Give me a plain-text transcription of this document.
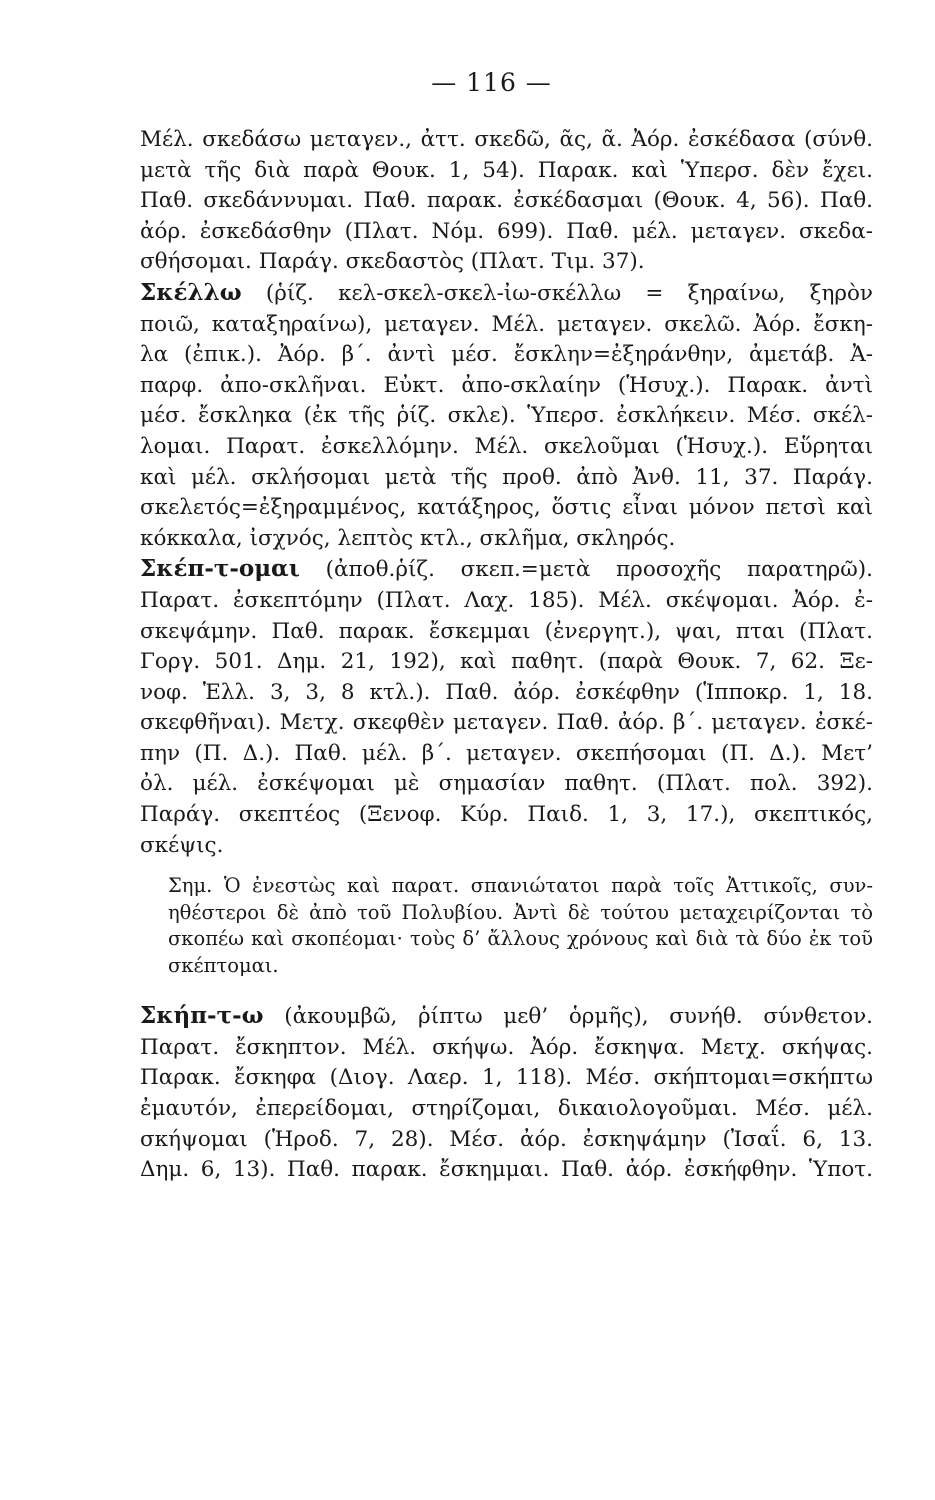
— 116 —

Μέλ. σκεδάσω μεταγεν., ἀττ. σκεδῶ, ᾶς, ᾶ. Ἀόρ. ἐσκέδασα (σύνθ.
μετὰ τῆς διὰ παρὰ Θουκ. 1, 54). Παρακ. καὶ Ὑπερσ. δὲν ἔχει.
Παθ. σκεδάννυμαι. Παθ. παρακ. ἐσκέδασμαι (Θουκ. 4, 56). Παθ.
ἀόρ. ἐσκεδάσθην (Πλατ. Νόμ. 699). Παθ. μέλ. μεταγεν. σκεδα-
σθήσομαι. Παράγ. σκεδαστὸς (Πλατ. Τιμ. 37).

Σκέλλω (ῥίζ. κελ-σκελ-σκελ-ἰω-σκέλλω = ξηραίνω, ξηρὸν
ποιῶ, καταξηραίνω), μεταγεν. Μέλ. μεταγεν. σκελῶ. Ἀόρ. ἔσκη-
λα (ἐπικ.). Ἀόρ. β΄. ἀντὶ μέσ. ἔσκλην=ἐξηράνθην, ἀμετάβ. Ἀ-
παρφ. ἀπο-σκλῆναι. Εὐκτ. ἀπο-σκλαίην (Ἡσυχ.). Παρακ. ἀντὶ
μέσ. ἔσκληκα (ἐκ τῆς ῥίζ. σκλε). Ὑπερσ. ἐσκλήκειν. Μέσ. σκέλ-
λομαι. Παρατ. ἐσκελλόμην. Μέλ. σκελοῦμαι (Ἡσυχ.). Εὕρηται
καὶ μέλ. σκλήσομαι μετὰ τῆς προθ. ἀπὸ Ἀνθ. 11, 37. Παράγ.
σκελετός=ἐξηραμμένος, κατάξηρος, ὅστις εἶναι μόνον πετσὶ καὶ
κόκκαλα, ἰσχνός, λεπτὸς κτλ., σκλῆμα, σκληρός.

Σκέπ-τ-ομαι (ἀποθ.ῥίζ. σκεπ.=μετὰ προσοχῆς παρατηρῶ).
Παρατ. ἐσκεπτόμην (Πλατ. Λαχ. 185). Μέλ. σκέψομαι. Ἀόρ. ἐ-
σκεψάμην. Παθ. παρακ. ἔσκεμμαι (ἐνεργητ.), ψαι, πται (Πλατ.
Γοργ. 501. Δημ. 21, 192), καὶ παθητ. (παρὰ Θουκ. 7, 62. Ξε-
νοφ. Ἑλλ. 3, 3, 8 κτλ.). Παθ. ἀόρ. ἐσκέφθην (Ἱπποκρ. 1, 18.
σκεφθῆναι). Μετχ. σκεφθὲν μεταγεν. Παθ. ἀόρ. β΄. μεταγεν. ἐσκέ-
πην (Π. Δ.). Παθ. μέλ. β΄. μεταγεν. σκεπήσομαι (Π. Δ.). Μετ’
ὀλ. μέλ. ἐσκέψομαι μὲ σημασίαν παθητ. (Πλατ. πολ. 392).
Παράγ. σκεπτέος (Ξενοφ. Κύρ. Παιδ. 1, 3, 17.), σκεπτικός,
σκέψις.

Σημ. Ὁ ἐνεστὼς καὶ παρατ. σπανιώτατοι παρὰ τοῖς Ἀττικοῖς, συν-
ηθέστεροι δὲ ἀπὸ τοῦ Πολυβίου. Ἀντὶ δὲ τούτου μεταχειρίζονται τὸ
σκοπέω καὶ σκοπέομαι· τοὺς δ’ ἄλλους χρόνους καὶ διὰ τὰ δύο ἐκ τοῦ
σκέπτομαι.

Σκήπ-τ-ω (ἀκουμβῶ, ῥίπτω μεθ’ ὁρμῆς), συνήθ. σύνθετον.
Παρατ. ἔσκηπτον. Μέλ. σκήψω. Ἀόρ. ἔσκηψα. Μετχ. σκήψας.
Παρακ. ἔσκηφα (Διογ. Λαερ. 1, 118). Μέσ. σκήπτομαι=σκήπτω
ἐμαυτόν, ἐπερείδομαι, στηρίζομαι, δικαιολογοῦμαι. Μέσ. μέλ.
σκήψομαι (Ἡροδ. 7, 28). Μέσ. ἀόρ. ἐσκηψάμην (Ἰσαΐ. 6, 13.
Δημ. 6, 13). Παθ. παρακ. ἔσκημμαι. Παθ. ἀόρ. ἐσκήφθην. Ὑποτ.
